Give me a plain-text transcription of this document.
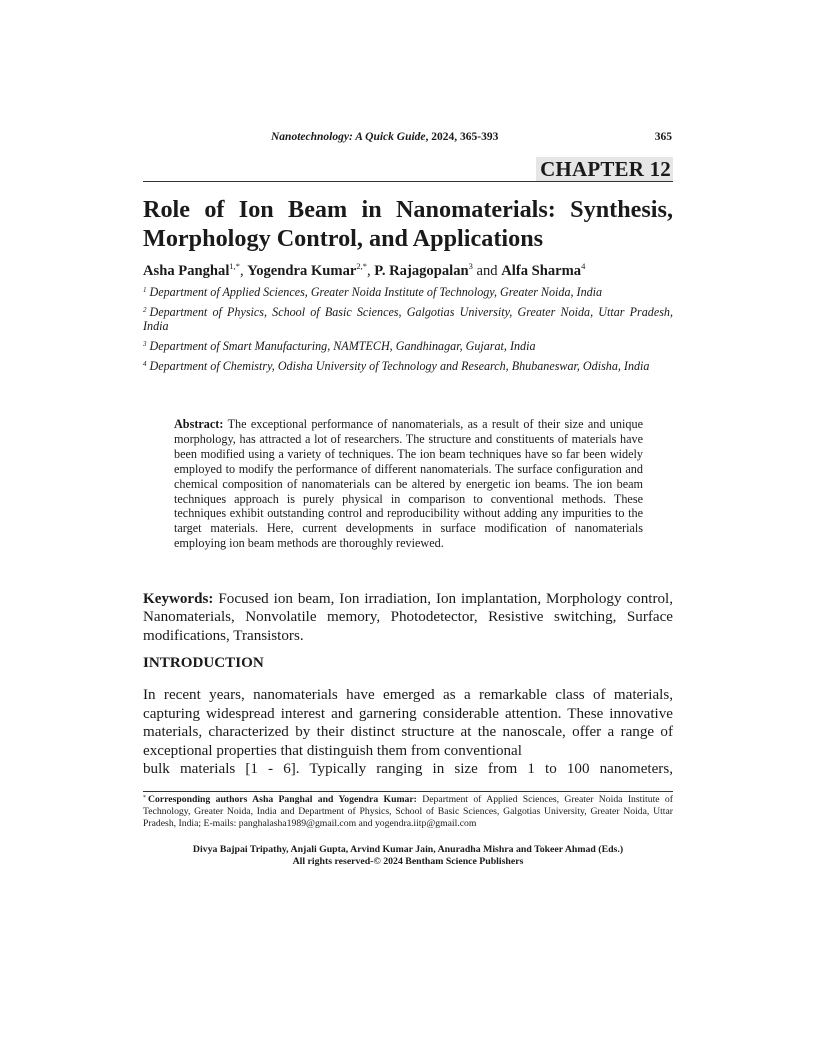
Nanotechnology: A Quick Guide, 2024, 365-393	365
CHAPTER 12
Role of Ion Beam in Nanomaterials: Synthesis,
Morphology Control, and Applications
Asha Panghal$^{1,*}$, Yogendra Kumar$^{2,*}$, P. Rajagopalan$^3$ and Alfa Sharma$^4$

$^1$ Department of Applied Sciences, Greater Noida Institute of Technology, Greater Noida, India

$^2$ Department of Physics, School of Basic Sciences, Galgotias University, Greater Noida, Uttar Pradesh, India

$^3$ Department of Smart Manufacturing, NAMTECH, Gandhinagar, Gujarat, India

$^4$ Department of Chemistry, Odisha University of Technology and Research, Bhubaneswar, Odisha, India

Abstract: The exceptional performance of nanomaterials, as a result of their size and unique morphology, has attracted a lot of researchers. The structure and constituents of materials have been modified using a variety of techniques. The ion beam techniques have so far been widely employed to modify the performance of different nanomaterials. The surface configuration and chemical composition of nanomaterials can be altered by energetic ion beams. The ion beam techniques approach is purely physical in comparison to conventional methods. These techniques exhibit outstanding control and reproducibility without adding any impurities to the target materials. Here, current developments in surface modification of nanomaterials employing ion beam methods are thoroughly reviewed.

Keywords: Focused ion beam, Ion irradiation, Ion implantation, Morphology control, Nanomaterials, Nonvolatile memory, Photodetector, Resistive switching, Surface modifications, Transistors.

INTRODUCTION

In recent years, nanomaterials have emerged as a remarkable class of materials, capturing widespread interest and garnering considerable attention. These innovative materials, characterized by their distinct structure at the nanoscale, offer a range of exceptional properties that distinguish them from conventional
bulk materials [1 - 6]. Typically ranging in size from 1 to 100 nanometers,

* Corresponding authors Asha Panghal and Yogendra Kumar: Department of Applied Sciences, Greater Noida Institute of Technology, Greater Noida, India and Department of Physics, School of Basic Sciences, Galgotias University, Greater Noida, Uttar Pradesh, India; E-mails: panghalasha1989@gmail.com and yogendra.iitp@gmail.com

Divya Bajpai Tripathy, Anjali Gupta, Arvind Kumar Jain, Anuradha Mishra and Tokeer Ahmad (Eds.)
All rights reserved-© 2024 Bentham Science Publishers
